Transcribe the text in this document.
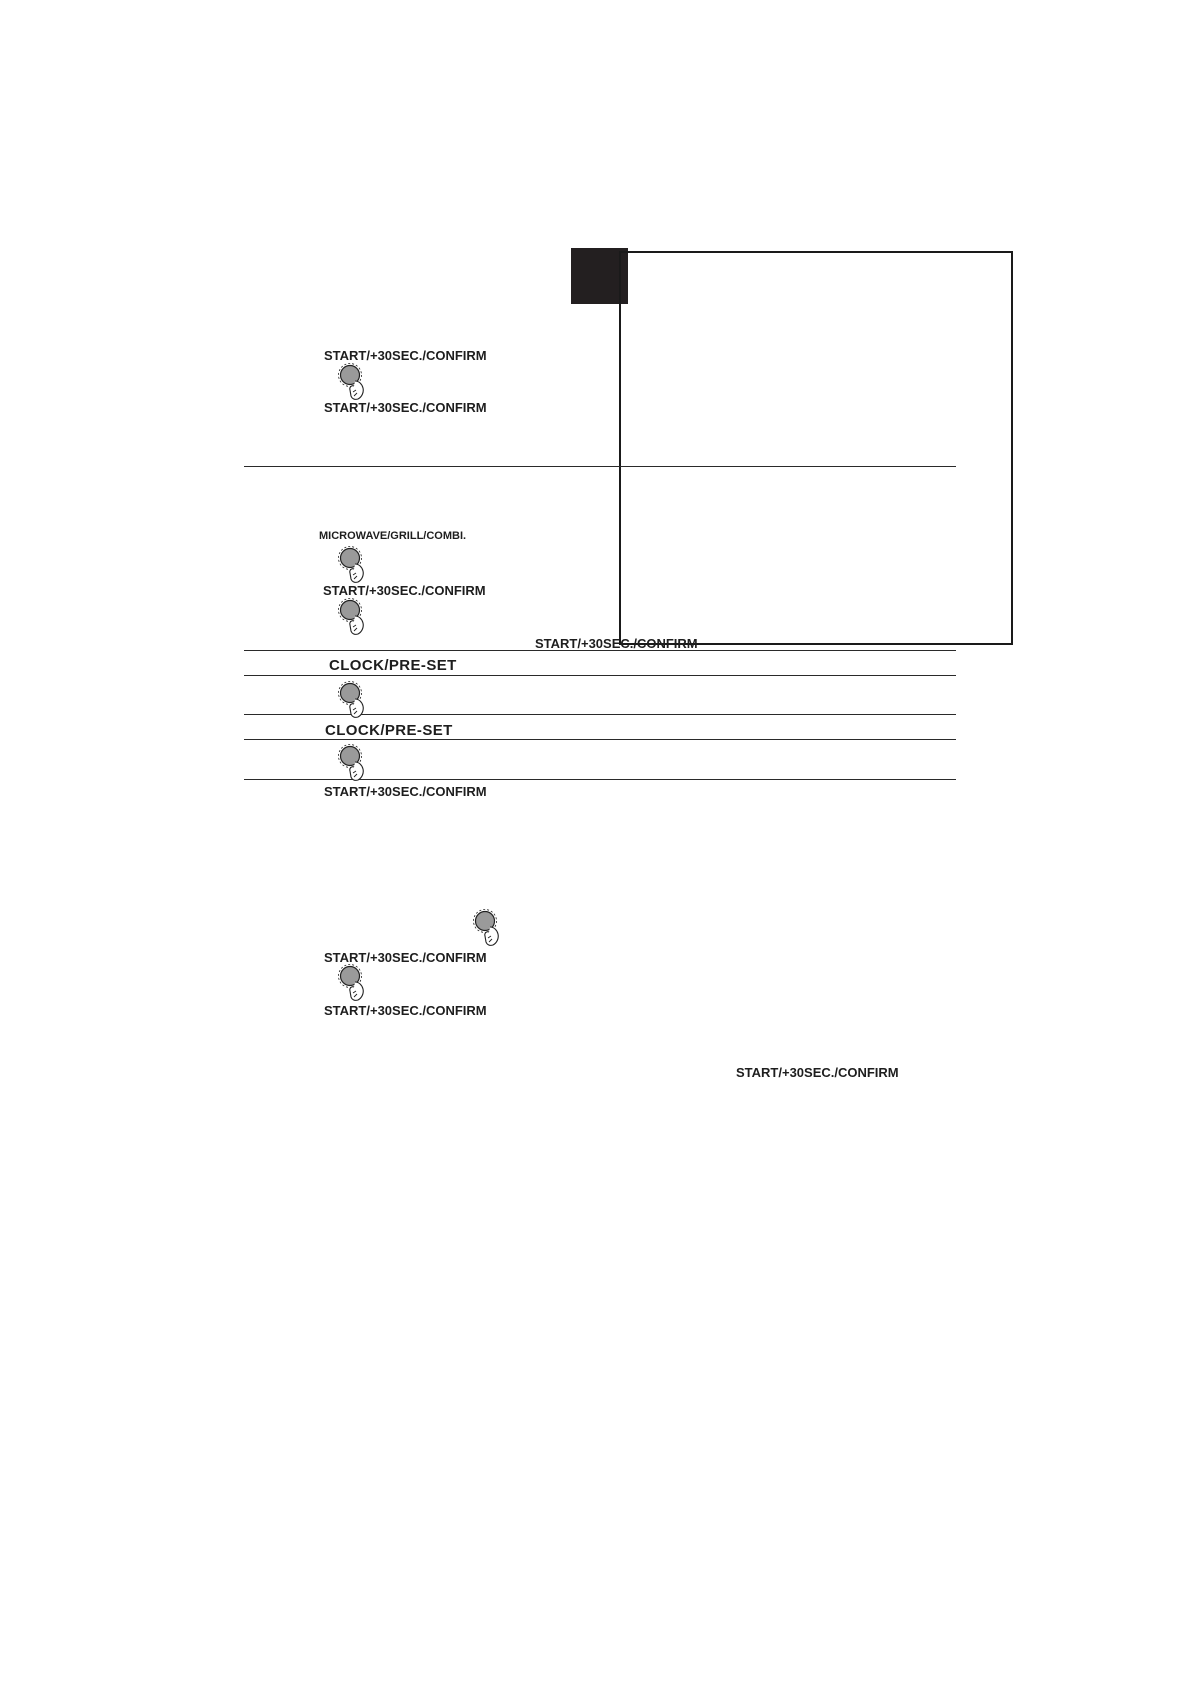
START/+30SEC./CONFIRM
START/+30SEC./CONFIRM
MICROWAVE/GRILL/COMBI.
START/+30SEC./CONFIRM
START/+30SEC./CONFIRM
CLOCK/PRE-SET
CLOCK/PRE-SET
START/+30SEC./CONFIRM
START/+30SEC./CONFIRM
START/+30SEC./CONFIRM
START/+30SEC./CONFIRM
